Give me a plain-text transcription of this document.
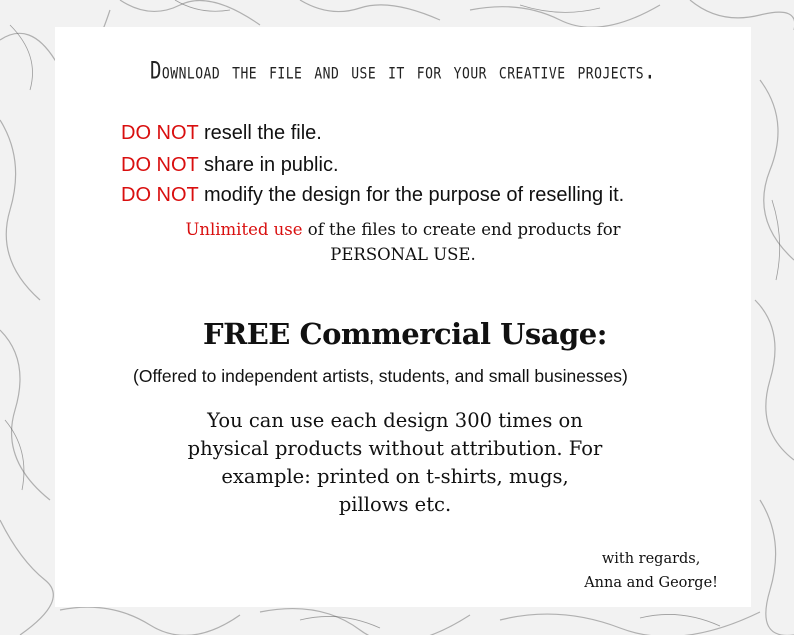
Download the file and use it for your creative projects.
DO NOT resell the file.
DO NOT share in public.
DO NOT modify the design for the purpose of reselling it.
Unlimited use of the files to create end products for
PERSONAL USE.
FREE Commercial Usage:
(Offered to independent artists, students, and small businesses)
You can use each design 300 times on
physical products without attribution. For
example: printed on t-shirts, mugs,
pillows etc.
with regards,
Anna and George!
